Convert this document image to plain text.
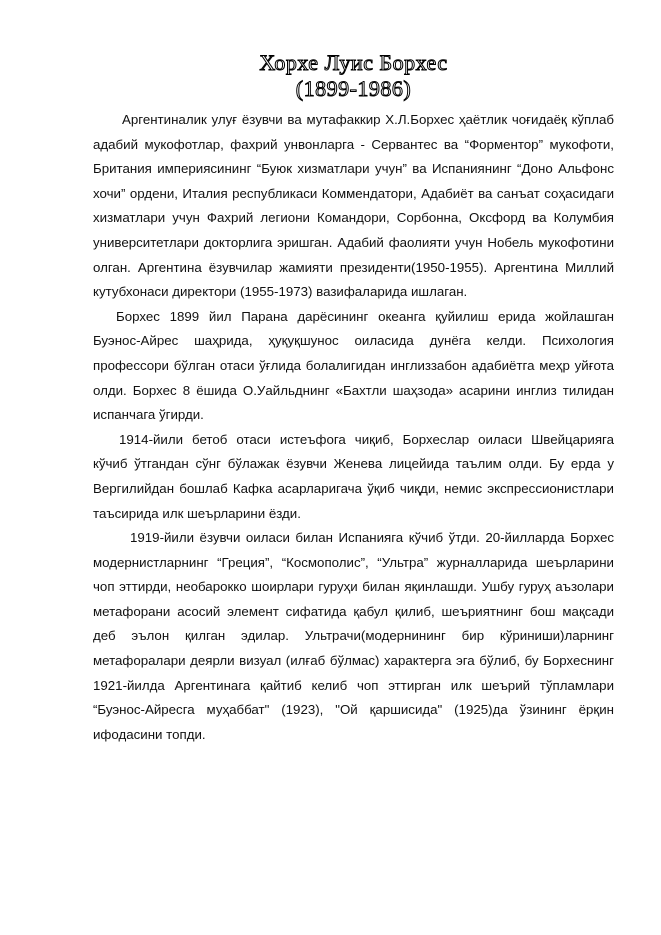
Хорхе Луис Борхес
(1899-1986)

Аргентиналик улуғ ёзувчи ва мутафаккир Х.Л.Борхес ҳаётлик чоғидаёқ кўплаб адабий мукофотлар, фахрий унвонларга - Сервантес ва “Форментор” мукофоти, Британия империясининг “Буюк хизматлари учун” ва Испаниянинг “Доно Альфонс хочи” ордени, Италия республикаси Коммендатори, Адабиёт ва санъат соҳасидаги хизматлари учун Фахрий легиони Командори, Сорбонна, Оксфорд ва Колумбия университетлари докторлига эришган. Адабий фаолияти учун Нобель мукофотини олган. Аргентина ёзувчилар жамияти президенти(1950-1955). Аргентина Миллий кутубхонаси директори (1955-1973) вазифаларида ишлаган.

Борхес 1899 йил Парана дарёсининг океанга қуйилиш ерида жойлашган Буэнос-Айрес шаҳрида, ҳуқуқшунос оиласида дунёга келди. Психология профессори бўлган отаси ўғлида болалигидан инглиззабон адабиётга меҳр уйғота олди. Борхес 8 ёшида О.Уайльднинг «Бахтли шаҳзода» асарини инглиз тилидан испанчага ўгирди.

1914-йили бетоб отаси истеъфога чиқиб, Борхеслар оиласи Швейцарияга кўчиб ўтгандан сўнг бўлажак ёзувчи Женева лицейида таълим олди. Бу ерда у Вергилийдан бошлаб Кафка асарларигача ўқиб чиқди, немис экспрессионистлари таъсирида илк шеърларини ёзди.

1919-йили ёзувчи оиласи билан Испанияга кўчиб ўтди. 20-йилларда Борхес модернистларнинг “Греция”, “Космополис”, “Ультра” журналларида шеърларини чоп эттирди, необарокко шоирлари гуруҳи билан яқинлашди. Ушбу гуруҳ аъзолари метафорани асосий элемент сифатида қабул қилиб, шеъриятнинг бош мақсади деб эълон қилган эдилар. Ультрачи(модернининг бир кўриниши)ларнинг метафоралари деярли визуал (илғаб бўлмас) характерга эга бўлиб, бу Борхеснинг 1921-йилда Аргентинага қайтиб келиб чоп эттирган илк шеърий тўпламлари “Буэнос-Айресга муҳаббат" (1923), "Ой қаршисида" (1925)да ўзининг ёрқин ифодасини топди.
